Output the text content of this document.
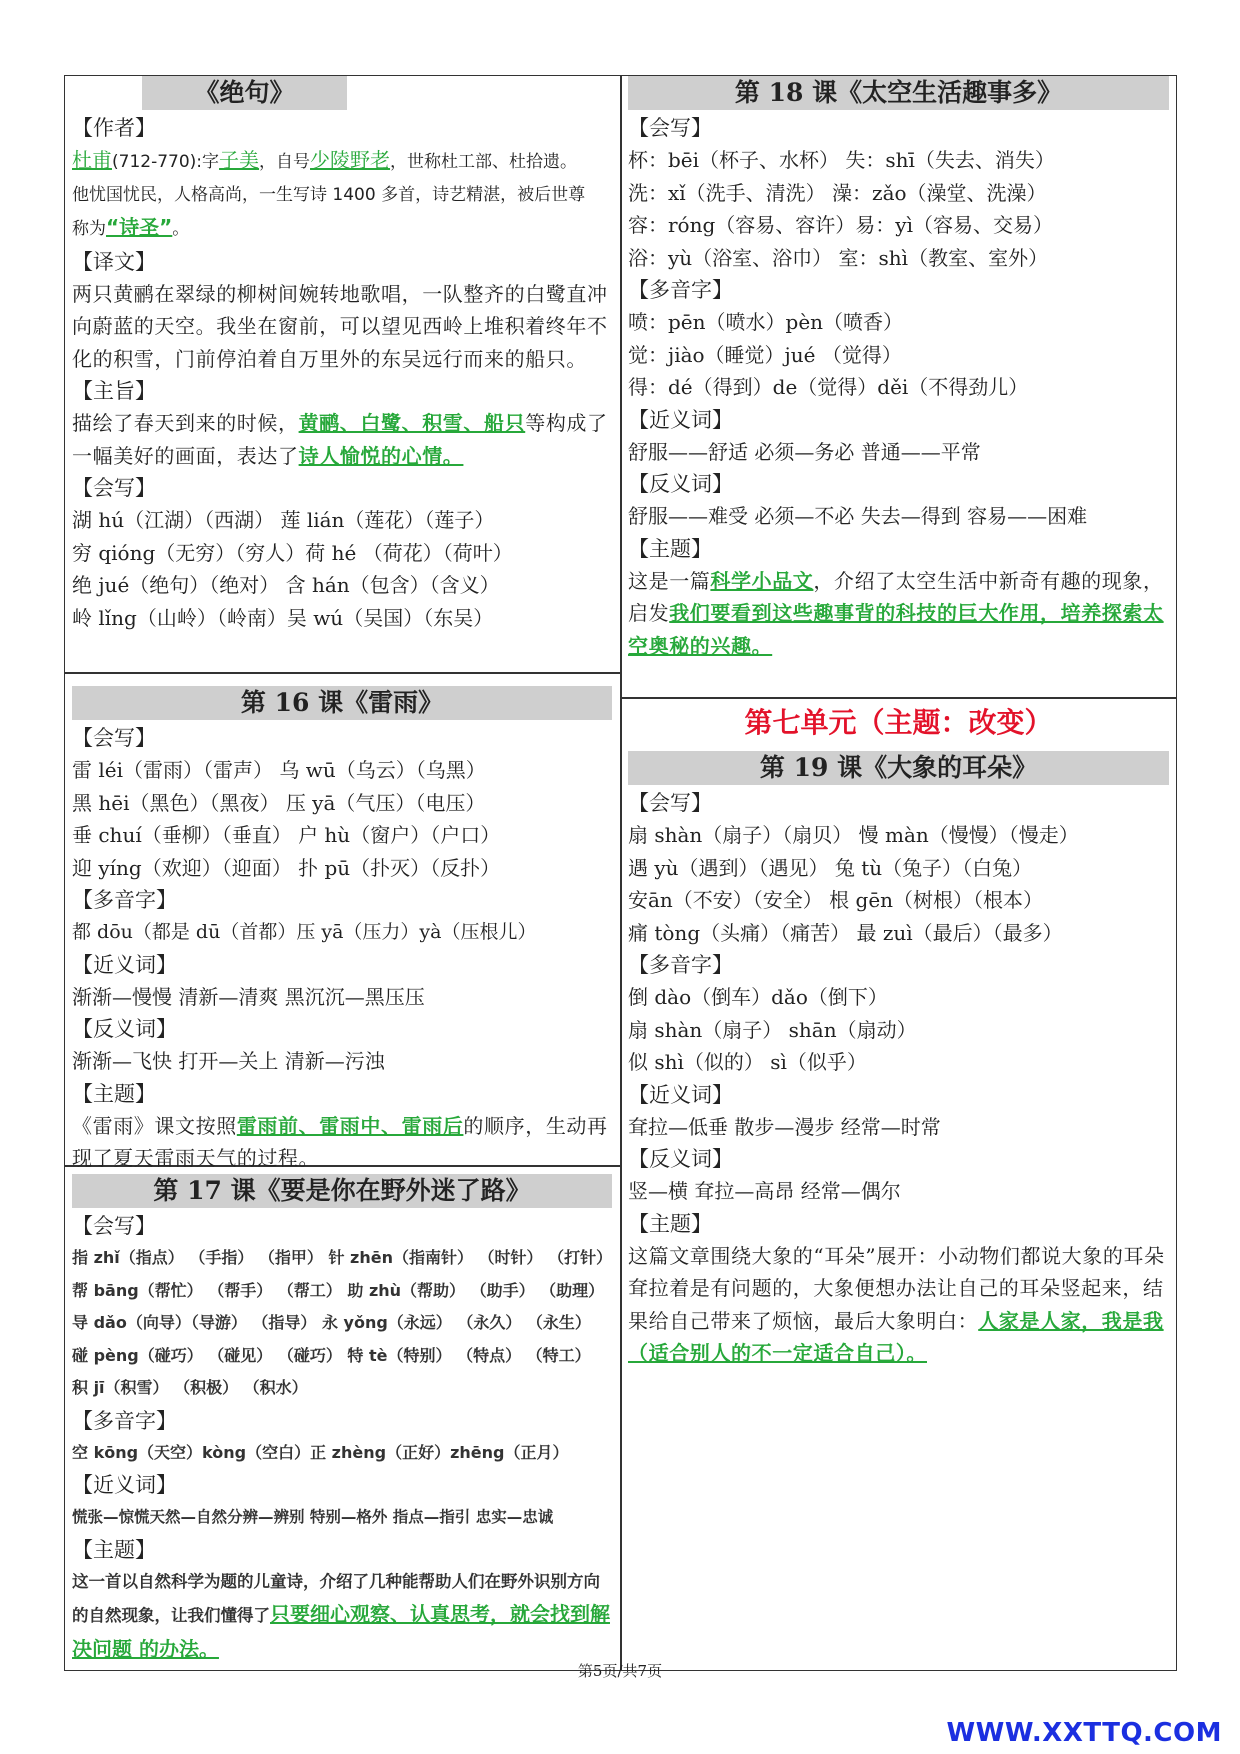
《绝句》
【作者】
杜甫(712-770):字子美，自号少陵野老，世称杜工部、杜拾遗。
他忧国忧民，人格高尚，一生写诗 1400 多首，诗艺精湛，被后世尊
称为“诗圣”。
【译文】
两只黄鹂在翠绿的柳树间婉转地歌唱，一队整齐的白鹭直冲向蔚蓝的天空。我坐在窗前，可以望见西岭上堆积着终年不化的积雪，门前停泊着自万里外的东吴远行而来的船只。
【主旨】
描绘了春天到来的时候，黄鹂、白鹭、积雪、船只等构成了一幅美好的画面，表达了诗人愉悦的心情。
【会写】
湖 hú（江湖）（西湖） 莲 lián（莲花）（莲子）
穷 qióng（无穷）（穷人）荷 hé （荷花）（荷叶）
绝 jué（绝句）（绝对） 含 hán（包含）（含义）
岭 lǐng（山岭）（岭南）吴 wú（吴国）（东吴）
第 16 课《雷雨》
【会写】
雷 léi（雷雨）（雷声） 乌 wū（乌云）（乌黑）
黑 hēi（黑色）（黑夜） 压 yā（气压）（电压）
垂 chuí（垂柳）（垂直） 户 hù（窗户）（户口）
迎 yíng（欢迎）（迎面） 扑 pū（扑灭）（反扑）
【多音字】
都 dōu（都是 dū（首都）压 yā（压力）yà（压根儿）
【近义词】
渐渐—慢慢 清新—清爽 黑沉沉—黑压压
【反义词】
渐渐—飞快 打开—关上 清新—污浊
【主题】
《雷雨》课文按照雷雨前、雷雨中、雷雨后的顺序，生动再现了夏天雷雨天气的过程。
第 17 课《要是你在野外迷了路》
【会写】
指 zhǐ（指点） （手指） （指甲） 针 zhēn（指南针） （时针） （打针）
帮 bāng（帮忙） （帮手） （帮工） 助 zhù（帮助） （助手） （助理）
导 dǎo（向导）（导游） （指导） 永 yǒng（永远） （永久） （永生）
碰 pèng（碰巧） （碰见） （碰巧） 特 tè（特别） （特点） （特工）
积 jī（积雪） （积极） （积水）
【多音字】
空 kōng（天空）kòng（空白）正 zhèng（正好）zhēng（正月）
【近义词】
慌张—惊慌天然—自然分辨—辨别 特别—格外 指点—指引 忠实—忠诚
【主题】
这一首以自然科学为题的儿童诗，介绍了几种能帮助人们在野外识别方向的自然现象，让我们懂得了只要细心观察、认真思考，就会找到解决问题 的办法。
第 18 课《太空生活趣事多》
【会写】
杯：bēi（杯子、水杯） 失：shī（失去、消失）
洗：xǐ（洗手、清洗） 澡：zǎo（澡堂、洗澡）
容：róng（容易、容许）易：yì（容易、交易）
浴：yù（浴室、浴巾） 室：shì（教室、室外）
【多音字】
喷：pēn（喷水）pèn（喷香）
觉：jiào（睡觉）jué （觉得）
得：dé（得到）de（觉得）děi（不得劲儿）
【近义词】
舒服——舒适 必须—务必 普通——平常
【反义词】
舒服——难受 必须—不必 失去—得到 容易——困难
【主题】
这是一篇科学小品文，介绍了太空生活中新奇有趣的现象，启发我们要看到这些趣事背的科技的巨大作用，培养探索太空奥秘的兴趣。
第七单元（主题：改变）
第 19 课《大象的耳朵》
【会写】
扇 shàn（扇子）（扇贝） 慢 màn（慢慢）（慢走）
遇 yù（遇到）（遇见） 兔 tù（兔子）（白兔）
安ān（不安）（安全） 根 gēn（树根）（根本）
痛 tòng（头痛）（痛苦） 最 zuì（最后）（最多）
【多音字】
倒 dào（倒车）dǎo（倒下）
扇 shàn（扇子） shān（扇动）
似 shì（似的） sì（似乎）
【近义词】
耷拉—低垂 散步—漫步 经常—时常
【反义词】
竖—横 耷拉—高昂 经常—偶尔
【主题】
这篇文章围绕大象的“耳朵”展开：小动物们都说大象的耳朵耷拉着是有问题的，大象便想办法让自己的耳朵竖起来，结果给自己带来了烦恼，最后大象明白：人家是人家，我是我（适合别人的不一定适合自己）。
第5页/共7页
WWW.XXTTQ.COM
